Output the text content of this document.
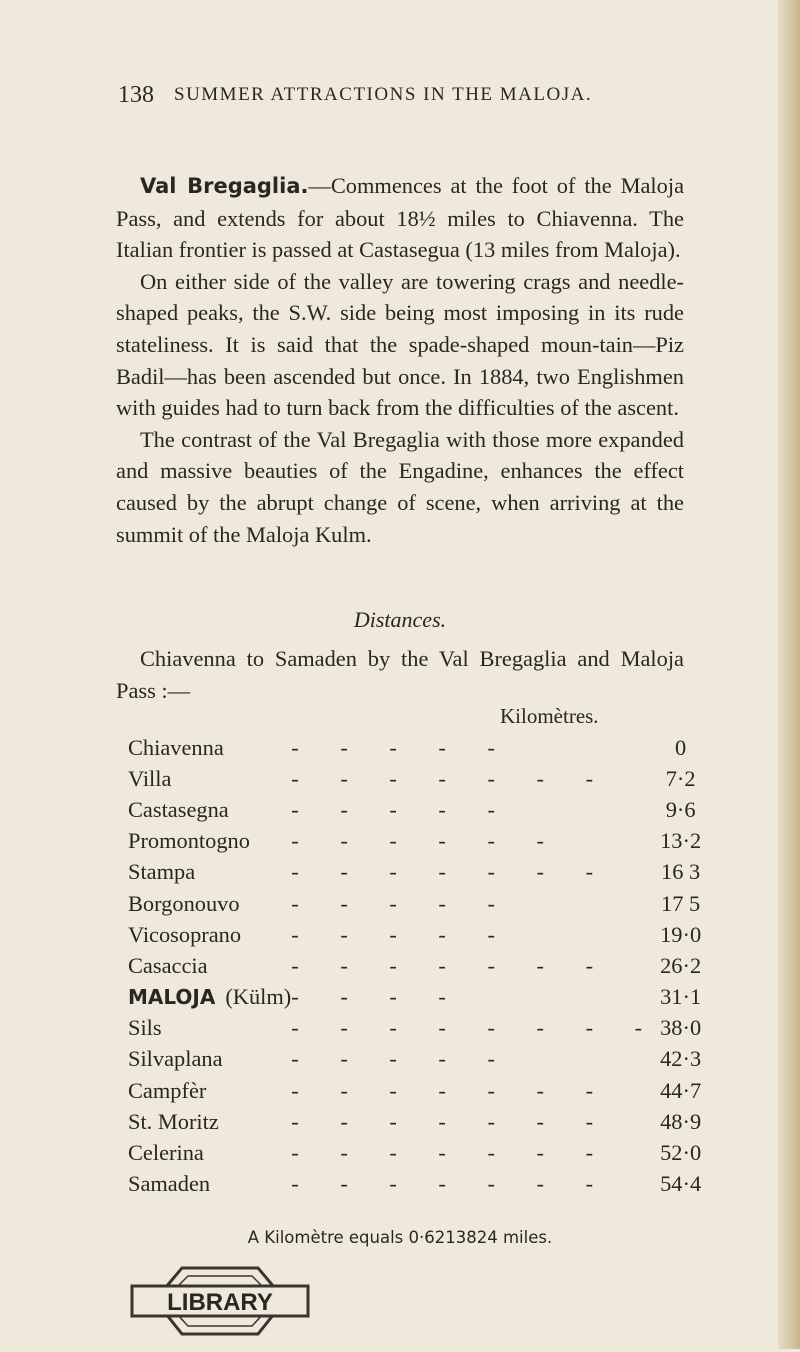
138 SUMMER ATTRACTIONS IN THE MALOJA.

Val Bregaglia.—Commences at the foot of the Maloja Pass, and extends for about 18½ miles to Chiavenna. The Italian frontier is passed at Castasegua (13 miles from Maloja).

On either side of the valley are towering crags and needle-shaped peaks, the S.W. side being most imposing in its rude stateliness. It is said that the spade-shaped moun-tain—Piz Badil—has been ascended but once. In 1884, two Englishmen with guides had to turn back from the difficulties of the ascent.

The contrast of the Val Bregaglia with those more expanded and massive beauties of the Engadine, enhances the effect caused by the abrupt change of scene, when arriving at the summit of the Maloja Kulm.

Distances.

Chiavenna to Samaden by the Val Bregaglia and Maloja Pass :—

Kilomètres.
Chiavenna	- - - - -	0
Villa	- - - - - - -	7·2
Castasegna	- - - - -	9·6
Promontogno	- - - - - -	13·2
Stampa	- - - - - - -	16 3
Borgonouvo	- - - - -	17 5
Vicosoprano	- - - - -	19·0
Casaccia	- - - - - - -	26·2
MALOJA (Külm)	- - - -	31·1
Sils	- - - - - - - -	38·0
Silvaplana	- - - - -	42·3
Campfèr	- - - - - - -	44·7
St. Moritz	- - - - - - -	48·9
Celerina	- - - - - - -	52·0
Samaden	- - - - - - -	54·4
A Kilomètre equals 0·6213824 miles.
LIBRARY
